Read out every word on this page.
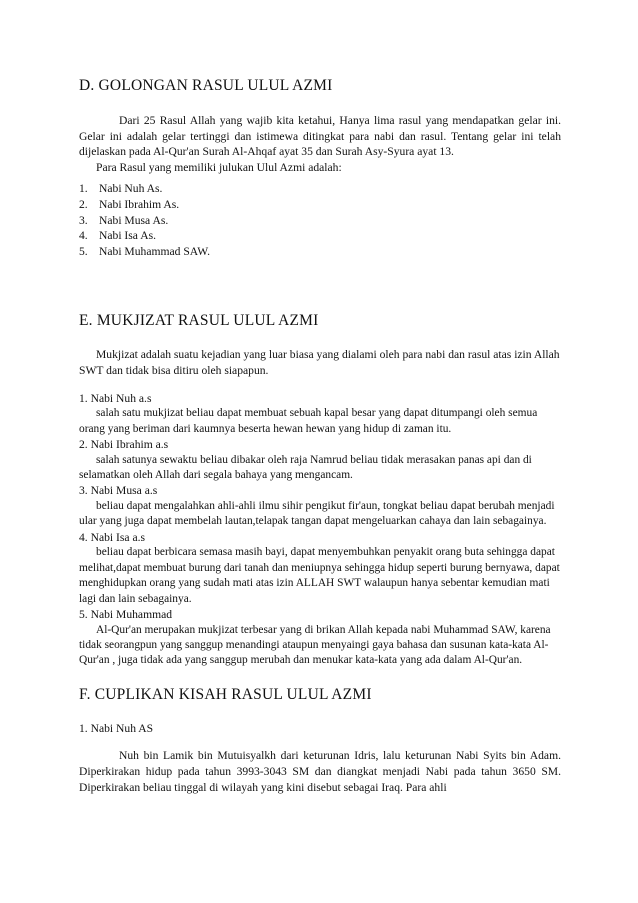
D. GOLONGAN RASUL ULUL AZMI

Dari 25 Rasul Allah yang wajib kita ketahui, Hanya lima rasul yang mendapatkan gelar ini. Gelar ini adalah gelar tertinggi dan istimewa ditingkat para nabi dan rasul. Tentang gelar ini telah dijelaskan pada Al-Qur'an Surah Al-Ahqaf ayat 35 dan Surah Asy-Syura ayat 13.

Para Rasul yang memiliki julukan Ulul Azmi adalah:

1. Nabi Nuh As.
2. Nabi Ibrahim As.
3. Nabi Musa As.
4. Nabi Isa As.
5. Nabi Muhammad SAW.
E. MUKJIZAT RASUL ULUL AZMI

Mukjizat adalah suatu kejadian yang luar biasa yang dialami oleh para nabi dan rasul atas izin Allah SWT dan tidak bisa ditiru oleh siapapun.

1. Nabi Nuh a.s

salah satu mukjizat beliau dapat membuat sebuah kapal besar yang dapat ditumpangi oleh semua orang yang beriman dari kaumnya beserta hewan hewan yang hidup di zaman itu.

2. Nabi Ibrahim a.s

salah satunya sewaktu beliau dibakar oleh raja Namrud beliau tidak merasakan panas api dan di selamatkan oleh Allah dari segala bahaya yang mengancam.

3. Nabi Musa a.s

beliau dapat mengalahkan ahli-ahli ilmu sihir pengikut fir'aun, tongkat beliau dapat berubah menjadi ular yang juga dapat membelah lautan,telapak tangan dapat mengeluarkan cahaya dan lain sebagainya.

4. Nabi Isa a.s

beliau dapat berbicara semasa masih bayi, dapat menyembuhkan penyakit orang buta sehingga dapat melihat,dapat membuat burung dari tanah dan meniupnya sehingga hidup seperti burung bernyawa, dapat menghidupkan orang yang sudah mati atas izin ALLAH SWT walaupun hanya sebentar kemudian mati lagi dan lain sebagainya.

5. Nabi Muhammad

Al-Qur'an merupakan mukjizat terbesar yang di brikan Allah kepada nabi Muhammad SAW, karena tidak seorangpun yang sanggup menandingi ataupun menyaingi gaya bahasa dan susunan kata-kata Al-Qur'an , juga tidak ada yang sanggup merubah dan menukar kata-kata yang ada dalam Al-Qur'an.

F. CUPLIKAN KISAH RASUL ULUL AZMI

1. Nabi Nuh AS

Nuh bin Lamik bin Mutuisyalkh dari keturunan Idris, lalu keturunan Nabi Syits bin Adam. Diperkirakan hidup pada tahun 3993-3043 SM dan diangkat menjadi Nabi pada tahun 3650 SM. Diperkirakan beliau tinggal di wilayah yang kini disebut sebagai Iraq. Para ahli
